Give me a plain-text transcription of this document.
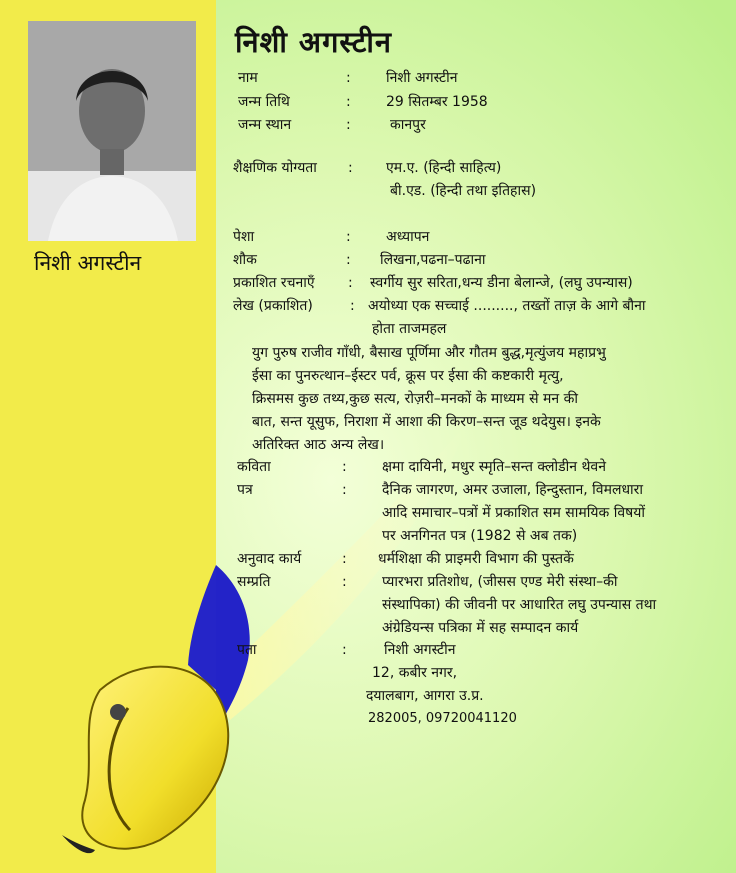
निशी अगस्टीन
निशी अगस्टीन
नाम	:	निशी अगस्टीन
जन्म तिथि	:	29 सितम्बर 1958
जन्म स्थान	:	कानपुर
शैक्षणिक योग्यता : एम.ए. (हिन्दी साहित्य)
बी.एड. (हिन्दी तथा इतिहास)
पेशा	:	अध्यापन
शौक	: लिखना,पढना–पढाना
प्रकाशित रचनाएँ : स्वर्गीय सुर सरिता,धन्य डीना बेलान्जे, (लघु उपन्यास)
लेख (प्रकाशित)	: अयोध्या एक सच्चाई ........., तख्तों ताज़ के आगे बौना
होता ताजमहल
युग पुरुष राजीव गाँधी, बैसाख पूर्णिमा और गौतम बुद्ध,मृत्युंजय महाप्रभु
ईसा का पुनरुत्थान–ईस्टर पर्व, क्रूस पर ईसा की कष्टकारी मृत्यु,
क्रिसमस कुछ तथ्य,कुछ सत्य, रोज़री–मनकों के माध्यम से मन की
बात, सन्त यूसुफ, निराशा में आशा की किरण–सन्त जूड थदेयुस। इनके
अतिरिक्त आठ अन्य लेख।
कविता	:	क्षमा दायिनी, मधुर स्मृति–सन्त क्लोडीन थेवने
पत्र	:	दैनिक जागरण, अमर उजाला, हिन्दुस्तान, विमलधारा
आदि समाचार–पत्रों में प्रकाशित सम सामयिक विषयों
पर अनगिनत पत्र (1982 से अब तक)
अनुवाद कार्य	: धर्मशिक्षा की प्राइमरी विभाग की पुस्तकें
सम्प्रति	:	प्यारभरा प्रतिशोध, (जीसस एण्ड मेरी संस्था–की
संस्थापिका) की जीवनी पर आधारित लघु उपन्यास तथा
अंग्रेडियन्स पत्रिका में सह सम्पादन कार्य
पता	:	निशी अगस्टीन
12, कबीर नगर,
दयालबाग, आगरा उ.प्र.
282005, 09720041120
